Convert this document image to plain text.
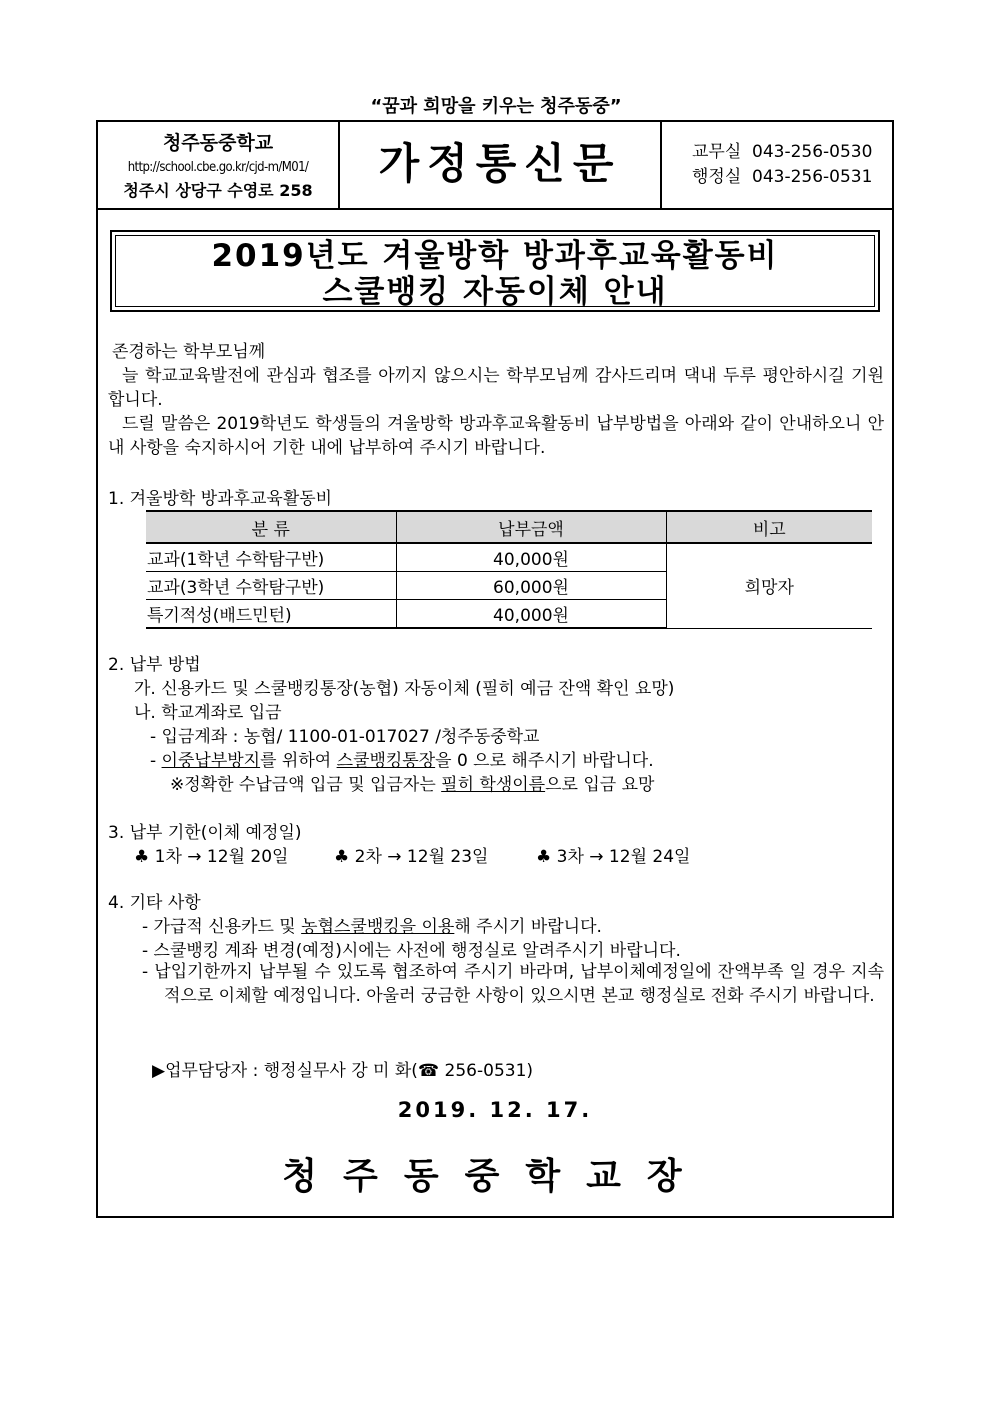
“꿈과 희망을 키우는 청주동중”
청주동중학교
http://school.cbe.go.kr/cjd-m/M01/
청주시 상당구 수영로 258
가정통신문	교무실 043-256-0530
행정실 043-256-0531
2019년도 겨울방학 방과후교육활동비
스쿨뱅킹 자동이체 안내

존경하는 학부모님께

늘 학교교육발전에 관심과 협조를 아끼지 않으시는 학부모님께 감사드리며 댁내 두루 평안하시길 기원합니다.

드릴 말씀은 2019학년도 학생들의 겨울방학 방과후교육활동비 납부방법을 아래와 같이 안내하오니 안내 사항을 숙지하시어 기한 내에 납부하여 주시기 바랍니다.

1. 겨울방학 방과후교육활동비
분 류	납부금액	비고
교과(1학년 수학탐구반)	40,000원	희망자
교과(3학년 수학탐구반)	60,000원	
특기적성(배드민턴)	40,000원	
2. 납부 방법
가. 신용카드 및 스쿨뱅킹통장(농협) 자동이체 (필히 예금 잔액 확인 요망)
나. 학교계좌로 입금
- 입금계좌 : 농협/ 1100-01-017027 /청주동중학교
- 이중납부방지를 위하여 스쿨뱅킹통장을 0 으로 해주시기 바랍니다.
※정확한 수납금액 입금 및 입금자는 필히 학생이름으로 입금 요망
3. 납부 기한(이체 예정일)
♣ 1차 → 12월 20일	♣ 2차 → 12월 23일	♣ 3차 → 12월 24일
4. 기타 사항
- 가급적 신용카드 및 농협스쿨뱅킹을 이용해 주시기 바랍니다.
- 스쿨뱅킹 계좌 변경(예정)시에는 사전에 행정실로 알려주시기 바랍니다.
- 납입기한까지 납부될 수 있도록 협조하여 주시기 바라며, 납부이체예정일에 잔액부족 일 경우 지속적으로 이체할 예정입니다. 아울러 궁금한 사항이 있으시면 본교 행정실로 전화 주시기 바랍니다.
▶업무담당자 : 행정실무사 강 미 화(☎ 256-0531)
2019. 12. 17.
청주동중학교장
